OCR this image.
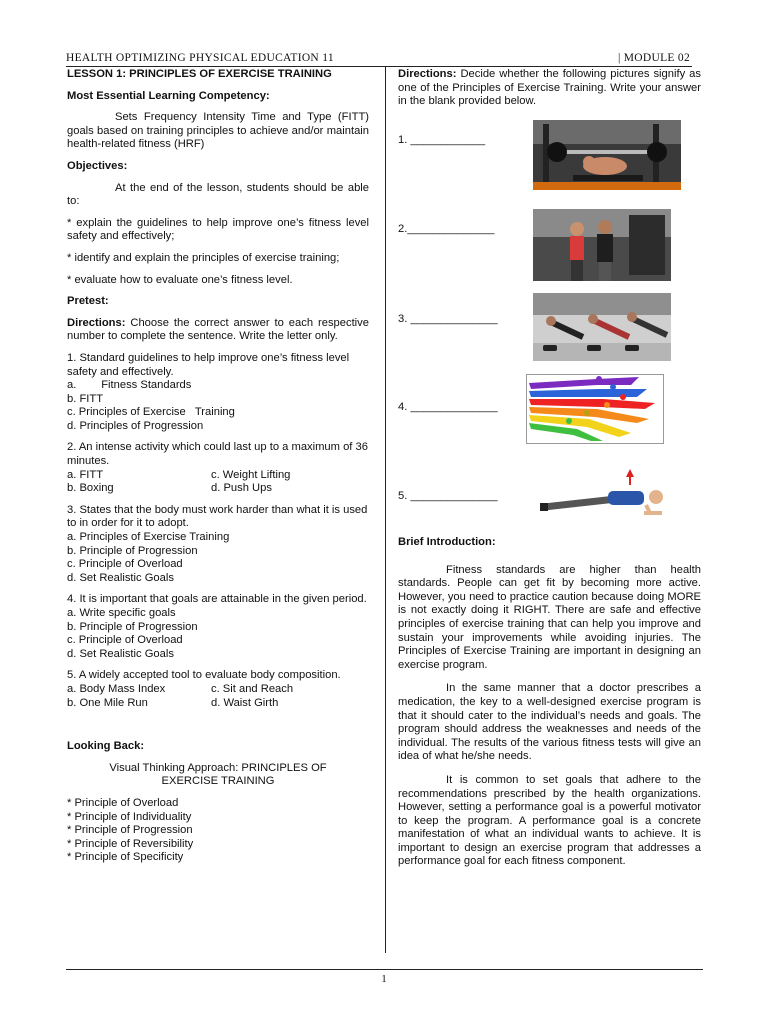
HEALTH OPTIMIZING PHYSICAL EDUCATION 11	| MODULE 02

LESSON 1: PRINCIPLES OF EXERCISE TRAINING

Most Essential Learning Competency:

Sets Frequency Intensity Time and Type (FITT) goals based on training principles to achieve and/or maintain health-related fitness (HRF)

Objectives:

At the end of the lesson, students should be able to:

* explain the guidelines to help improve one’s fitness level safety and effectively;

* identify and explain the principles of exercise training;

* evaluate how to evaluate one’s fitness level.

Pretest:

Directions: Choose the correct answer to each respective number to complete the sentence. Write the letter only.

1. Standard guidelines to help improve one’s fitness level safety and effectively.

a.        Fitness Standards

b. FITT

c. Principles of Exercise   Training

d. Principles of Progression

2. An intense activity which could last up to a maximum of 36 minutes.

a. FITT	c. Weight Lifting
b. Boxing	d. Push Ups

3. States that the body must work harder than what it is used to in order for it to adopt.

a. Principles of Exercise Training

b. Principle of Progression

c. Principle of Overload

d. Set Realistic Goals

4. It is important that goals are attainable in the given period.

a. Write specific goals

b. Principle of Progression

c. Principle of Overload

d. Set Realistic Goals

5. A widely accepted tool to evaluate body composition.

a. Body Mass Index	c. Sit and Reach
b. One Mile Run	d. Waist Girth

Looking Back:

Visual Thinking Approach: PRINCIPLES OF EXERCISE TRAINING

* Principle of Overload

* Principle of Individuality

* Principle of Progression

* Principle of Reversibility

* Principle of Specificity

Directions: Decide whether the following pictures signify as one of the Principles of Exercise Training. Write your answer in the blank provided below.

1. ____________
2.______________
3. ______________
4. ______________
5. ______________

Brief Introduction:

Fitness standards are higher than health standards. People can get fit by becoming more active. However, you need to practice caution because doing MORE is not exactly doing it RIGHT. There are safe and effective principles of exercise training that can help you improve and sustain your improvements while avoiding injuries. The Principles of Exercise Training are important in designing an exercise program.

In the same manner that a doctor prescribes a medication, the key to a well-designed exercise program is that it should cater to the individual’s needs and goals. The program should address the weaknesses and needs of the individual. The results of the various fitness tests will give an idea of what he/she needs.

It is common to set goals that adhere to the recommendations prescribed by the health organizations. However, setting a performance goal is a powerful motivator to keep the program. A performance goal is a concrete manifestation of what an individual wants to achieve. It is important to design an exercise program that addresses a performance goal for each fitness component.

1
